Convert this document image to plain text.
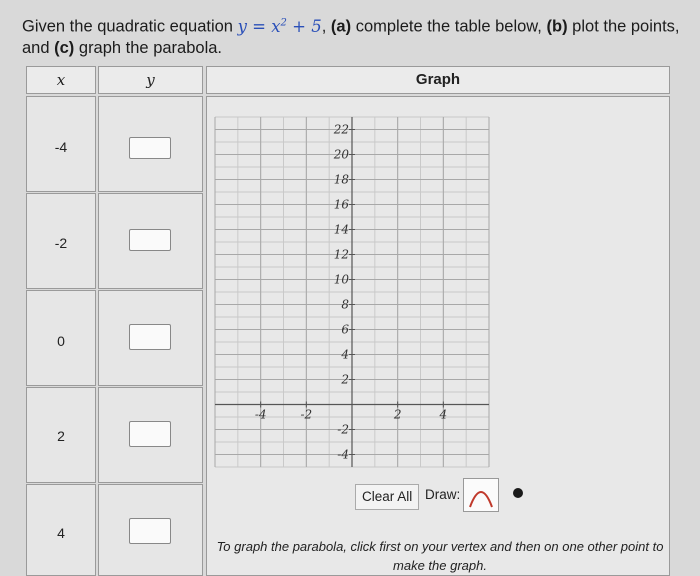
Given the quadratic equation $y = x^2 + 5$, (a) complete the table below, (b) plot the points, and (c) graph the parabola.
x	y	Graph
-4
-2
0
2
4
-4	-2	2	4
22
20
18
16
14
12
10
8
6
4
2
-2
-4
Clear All Draw:
To graph the parabola, click first on your vertex and then on one other point to make the graph.
